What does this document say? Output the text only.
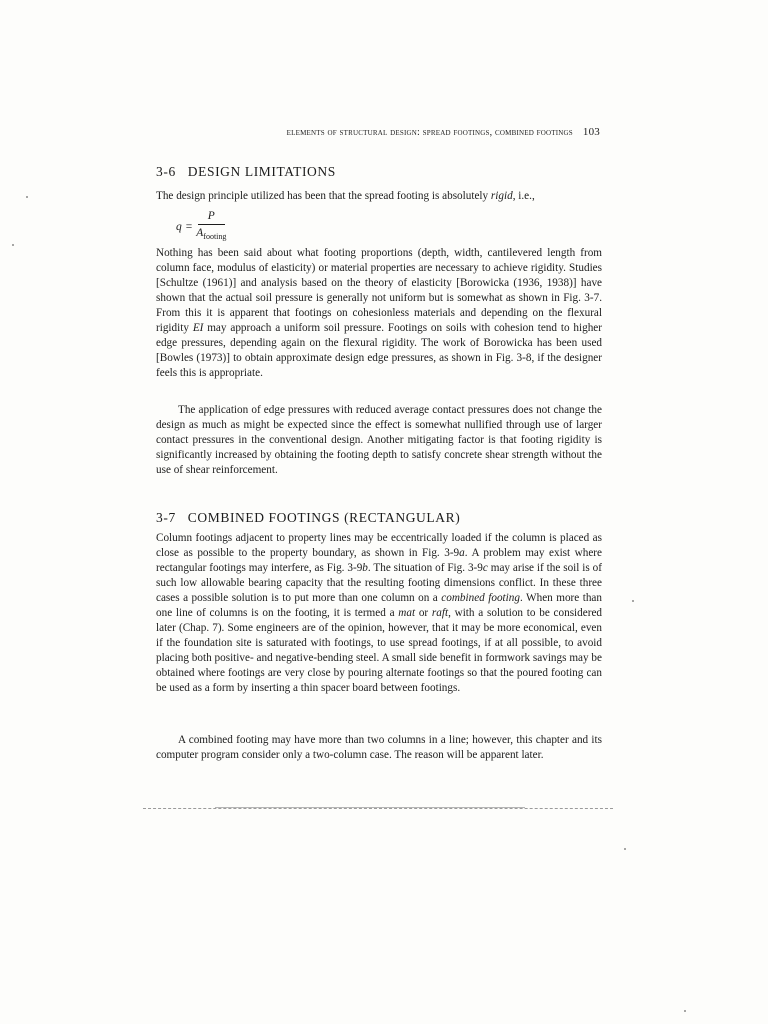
elements of structural design: spread footings, combined footings 103
3-6 DESIGN LIMITATIONS

The design principle utilized has been that the spread footing is absolutely rigid, i.e.,

$q = \frac{P}{A_{footing}}$

Nothing has been said about what footing proportions (depth, width, cantilevered length from column face, modulus of elasticity) or material properties are necessary to achieve rigidity. Studies [Schultze (1961)] and analysis based on the theory of elasticity [Borowicka (1936, 1938)] have shown that the actual soil pressure is generally not uniform but is somewhat as shown in Fig. 3-7. From this it is apparent that footings on cohesionless materials and depending on the flexural rigidity EI may approach a uniform soil pressure. Footings on soils with cohesion tend to higher edge pressures, depending again on the flexural rigidity. The work of Borowicka has been used [Bowles (1973)] to obtain approximate design edge pressures, as shown in Fig. 3-8, if the designer feels this is appropriate.

The application of edge pressures with reduced average contact pressures does not change the design as much as might be expected since the effect is somewhat nullified through use of larger contact pressures in the conventional design. Another mitigating factor is that footing rigidity is significantly increased by obtaining the footing depth to satisfy concrete shear strength without the use of shear reinforcement.

3-7 COMBINED FOOTINGS (RECTANGULAR)

Column footings adjacent to property lines may be eccentrically loaded if the column is placed as close as possible to the property boundary, as shown in Fig. 3-9a. A problem may exist where rectangular footings may interfere, as Fig. 3-9b. The situation of Fig. 3-9c may arise if the soil is of such low allowable bearing capacity that the resulting footing dimensions conflict. In these three cases a possible solution is to put more than one column on a combined footing. When more than one line of columns is on the footing, it is termed a mat or raft, with a solution to be considered later (Chap. 7). Some engineers are of the opinion, however, that it may be more economical, even if the foundation site is saturated with footings, to use spread footings, if at all possible, to avoid placing both positive- and negative-bending steel. A small side benefit in formwork savings may be obtained where footings are very close by pouring alternate footings so that the poured footing can be used as a form by inserting a thin spacer board between footings.

A combined footing may have more than two columns in a line; however, this chapter and its computer program consider only a two-column case. The reason will be apparent later.
